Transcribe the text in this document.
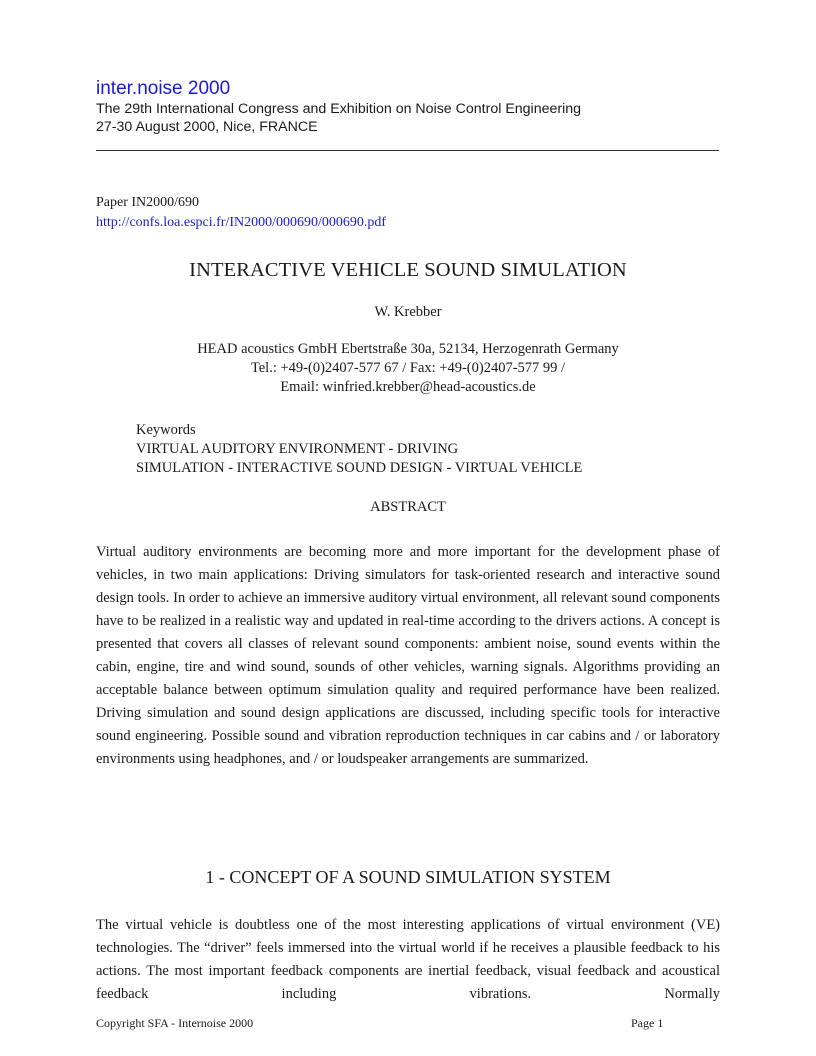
inter.noise 2000
The 29th International Congress and Exhibition on Noise Control Engineering
27-30 August 2000, Nice, FRANCE
Paper IN2000/690
http://confs.loa.espci.fr/IN2000/000690/000690.pdf
INTERACTIVE VEHICLE SOUND SIMULATION
W. Krebber
HEAD acoustics GmbH Ebertstraße 30a, 52134, Herzogenrath Germany
Tel.: +49-(0)2407-577 67 / Fax: +49-(0)2407-577 99 /
Email: winfried.krebber@head-acoustics.de
Keywords
VIRTUAL AUDITORY ENVIRONMENT - DRIVING
SIMULATION - INTERACTIVE SOUND DESIGN - VIRTUAL VEHICLE
ABSTRACT
Virtual auditory environments are becoming more and more important for the development phase of vehicles, in two main applications: Driving simulators for task-oriented research and interactive sound design tools. In order to achieve an immersive auditory virtual environment, all relevant sound components have to be realized in a realistic way and updated in real-time according to the drivers actions. A concept is presented that covers all classes of relevant sound components: ambient noise, sound events within the cabin, engine, tire and wind sound, sounds of other vehicles, warning signals. Algorithms providing an acceptable balance between optimum simulation quality and required performance have been realized. Driving simulation and sound design applications are discussed, including specific tools for interactive sound engineering. Possible sound and vibration reproduction techniques in car cabins and / or laboratory environments using headphones, and / or loudspeaker arrangements are summarized.
1 - CONCEPT OF A SOUND SIMULATION SYSTEM
The virtual vehicle is doubtless one of the most interesting applications of virtual environment (VE) technologies. The “driver” feels immersed into the virtual world if he receives a plausible feedback to his actions. The most important feedback components are inertial feedback, visual feedback and acoustical feedback including vibrations. Normally
Copyright SFA - Internoise 2000	Page 1
